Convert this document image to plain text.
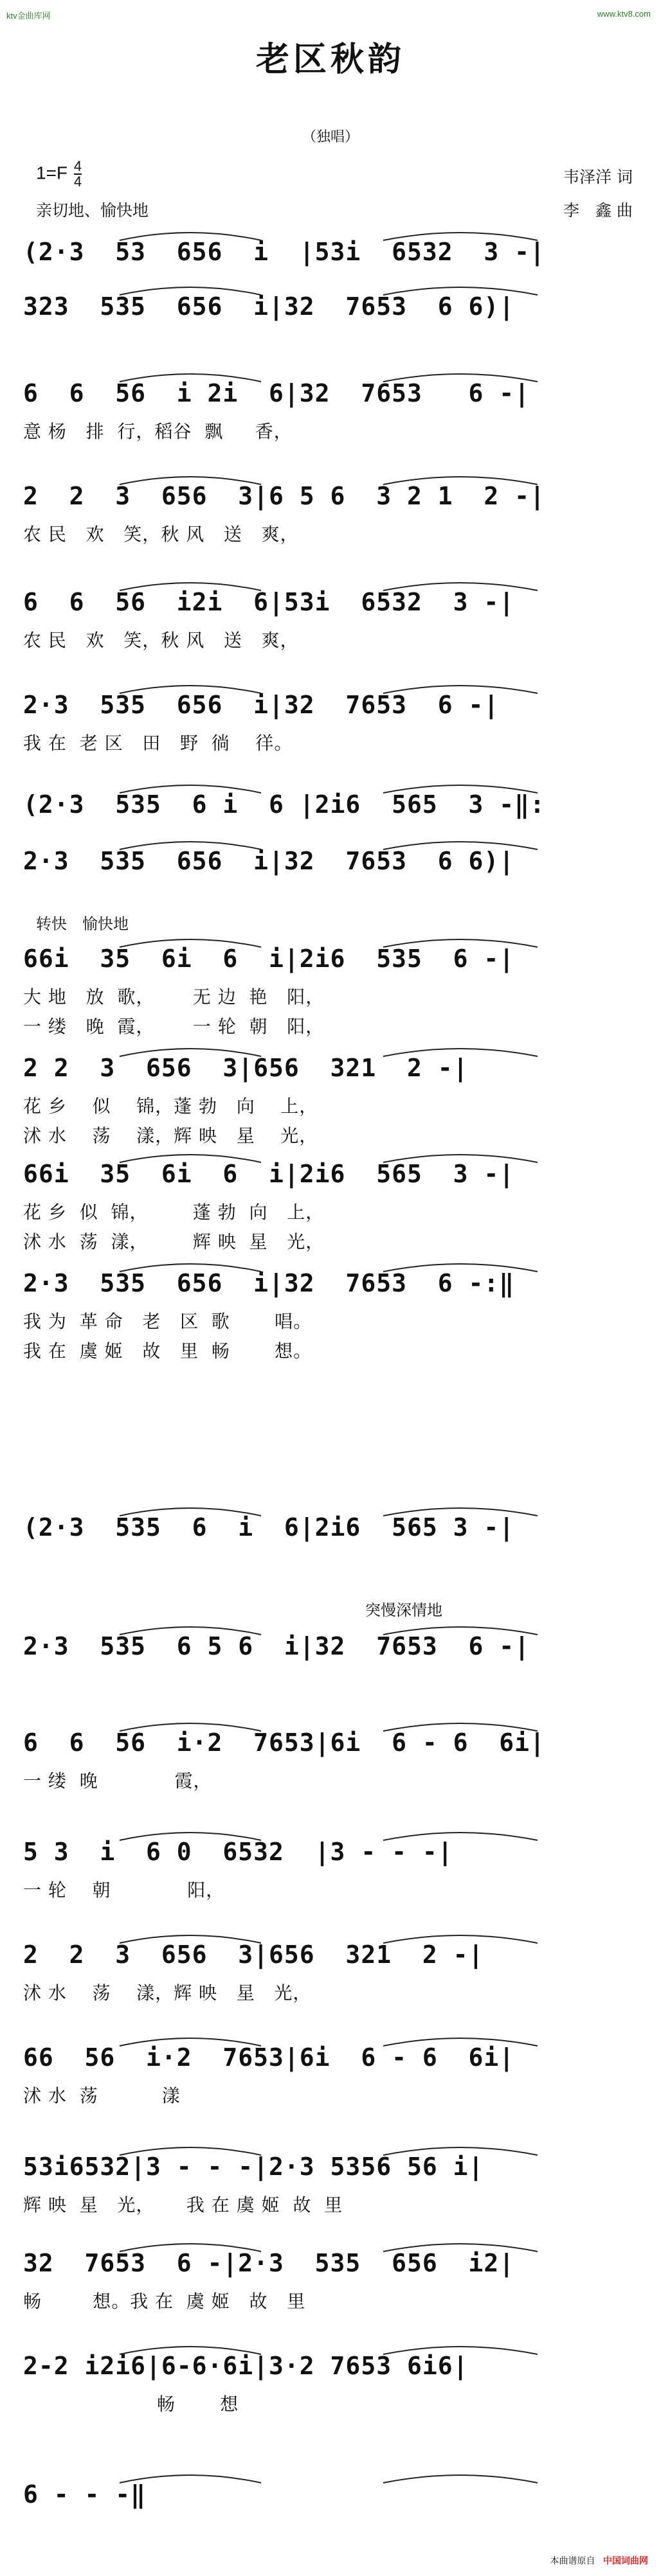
ktv金曲库网	www.ktv8.com
老区秋韵
（独唱）
$1=F \frac{4}{4}$
亲切地、愉快地
韦泽洋 词
李　鑫 曲
转快　愉快地
突慢深情地
(2·3  53  656  i  |53i  6532  3 -|
323  535  656  i|32  7653  6 6)|
6  6  56  i 2i  6|32  7653   6 -|
意 杨   排  行，稻谷  飘     香，
2  2  3  656  3|6 5 6  3 2 1  2 -|
农 民   欢   笑，秋 风   送   爽，
6  6  56  i2i  6|53i  6532  3 -|
农 民   欢   笑，秋 风   送   爽，
2·3  535  656  i|32  7653  6 -|
我 在  老 区   田   野  徜    徉。
(2·3  535  6 i  6 |2i6  565  3 -‖:
2·3  535  656  i|32  7653  6 6)|
66i  35  6i  6  i|2i6  535  6 -|
大 地   放  歌，      无 边  艳   阳，
一 缕   晚  霞，      一 轮  朝   阳，
2 2  3  656  3|656  321  2 -|
花 乡    似    锦，蓬 勃   向    上，
沭 水    荡    漾，辉 映   星    光，
66i  35  6i  6  i|2i6  565  3 -|
花 乡  似  锦，       蓬 勃  向   上，
沭 水  荡  漾，       辉 映  星   光，
2·3  535  656  i|32  7653  6 -:‖
我 为  革 命   老   区  歌       唱。
我 在  虞 姬   故   里  畅       想。
(2·3  535  6  i  6|2i6  565 3 -|
2·3  535  6 5 6  i|32  7653  6 -|
6  6  56  i·2  7653|6i  6 - 6  6i|
一 缕  晚            霞，
5 3  i  6 0  6532  |3 - - -|
一 轮    朝            阳，
2  2  3  656  3|656  321  2 -|
沭 水    荡    漾，辉 映   星   光，
66  56  i·2  7653|6i  6 - 6  6i|
沭 水  荡          漾
53i6532|3 - - -|2·3 5356 56 i|
辉 映  星   光，     我 在 虞 姬  故  里
32  7653  6 -|2·3  535  656  i2|
畅        想。我 在  虞 姬   故   里
2-2 i2i6|6-6·6i|3·2 7653 6i6|
畅       想
6 - - -‖
本曲谱原自 中国词曲网
